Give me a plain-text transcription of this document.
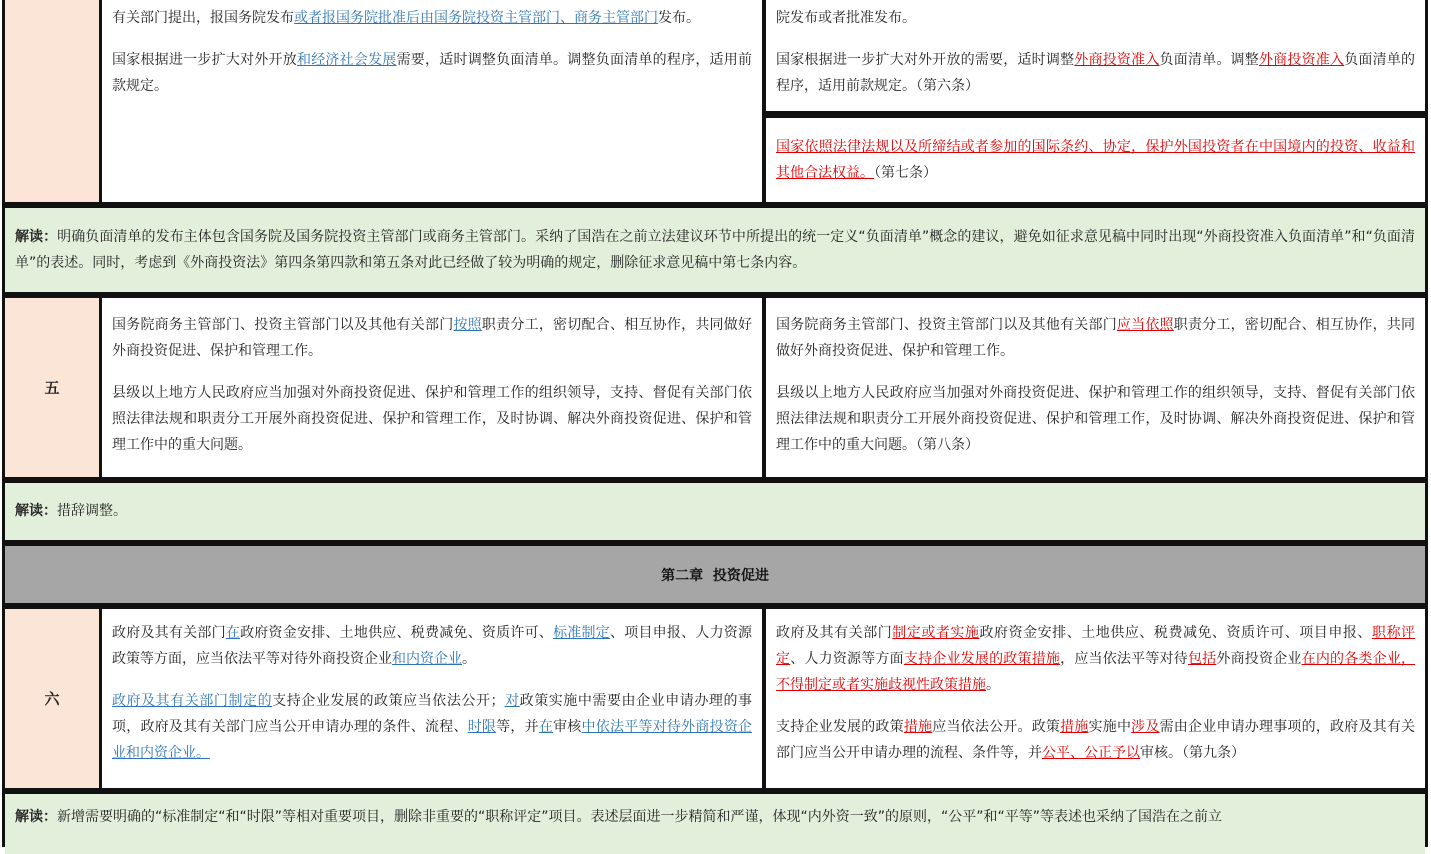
有关部门提出，报国务院发布或者报国务院批准后由国务院投资主管部门、商务主管部门发布。

国家根据进一步扩大对外开放和经济社会发展需要，适时调整负面清单。调整负面清单的程序，适用前款规定。

院发布或者批准发布。

国家根据进一步扩大对外开放的需要，适时调整外商投资准入负面清单。调整外商投资准入负面清单的程序，适用前款规定。（第六条）

国家依照法律法规以及所缔结或者参加的国际条约、协定，保护外国投资者在中国境内的投资、收益和其他合法权益。（第七条）

解读：明确负面清单的发布主体包含国务院及国务院投资主管部门或商务主管部门。采纳了国浩在之前立法建议环节中所提出的统一定义“负面清单”概念的建议，避免如征求意见稿中同时出现“外商投资准入负面清单”和“负面清单”的表述。同时，考虑到《外商投资法》第四条第四款和第五条对此已经做了较为明确的规定，删除征求意见稿中第七条内容。

五

国务院商务主管部门、投资主管部门以及其他有关部门按照职责分工，密切配合、相互协作，共同做好外商投资促进、保护和管理工作。

县级以上地方人民政府应当加强对外商投资促进、保护和管理工作的组织领导，支持、督促有关部门依照法律法规和职责分工开展外商投资促进、保护和管理工作，及时协调、解决外商投资促进、保护和管理工作中的重大问题。

国务院商务主管部门、投资主管部门以及其他有关部门应当依照职责分工，密切配合、相互协作，共同做好外商投资促进、保护和管理工作。

县级以上地方人民政府应当加强对外商投资促进、保护和管理工作的组织领导，支持、督促有关部门依照法律法规和职责分工开展外商投资促进、保护和管理工作，及时协调、解决外商投资促进、保护和管理工作中的重大问题。（第八条）

解读：措辞调整。

第二章  投资促进
六

政府及其有关部门在政府资金安排、土地供应、税费减免、资质许可、标准制定、项目申报、人力资源政策等方面，应当依法平等对待外商投资企业和内资企业。

政府及其有关部门制定的支持企业发展的政策应当依法公开；对政策实施中需要由企业申请办理的事项，政府及其有关部门应当公开申请办理的条件、流程、时限等，并在审核中依法平等对待外商投资企业和内资企业。

政府及其有关部门制定或者实施政府资金安排、土地供应、税费减免、资质许可、项目申报、职称评定、人力资源等方面支持企业发展的政策措施，应当依法平等对待包括外商投资企业在内的各类企业，不得制定或者实施歧视性政策措施。

支持企业发展的政策措施应当依法公开。政策措施实施中涉及需由企业申请办理事项的，政府及其有关部门应当公开申请办理的流程、条件等，并公平、公正予以审核。（第九条）

解读：新增需要明确的“标准制定“和“时限”等相对重要项目，删除非重要的“职称评定”项目。表述层面进一步精简和严谨，体现“内外资一致”的原则，“公平”和“平等”等表述也采纳了国浩在之前立
